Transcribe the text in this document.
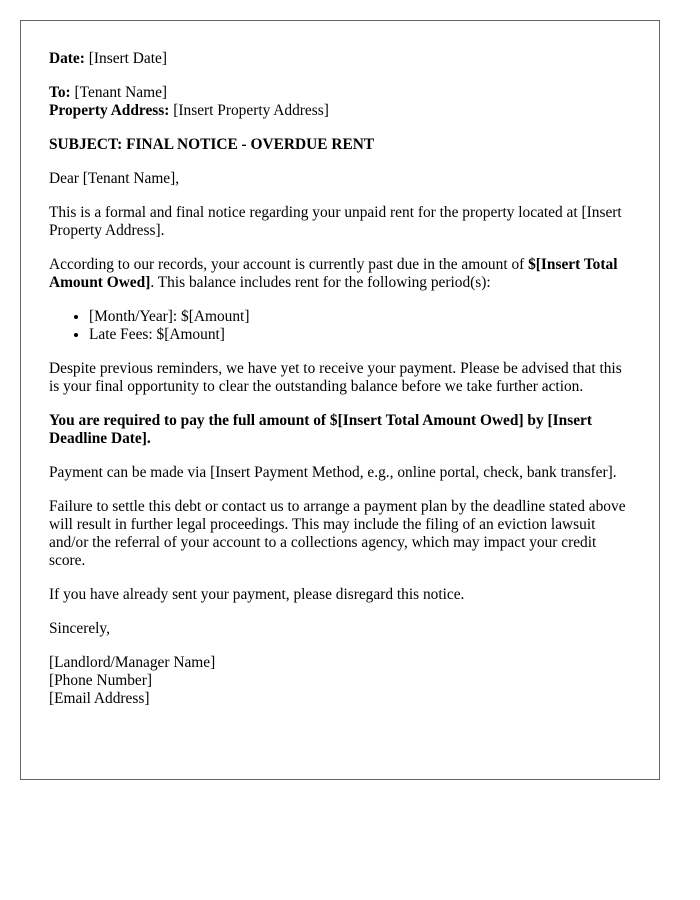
Date: [Insert Date]

To: [Tenant Name]

Property Address: [Insert Property Address]

SUBJECT: FINAL NOTICE - OVERDUE RENT

Dear [Tenant Name],

This is a formal and final notice regarding your unpaid rent for the property located at [Insert Property Address].

According to our records, your account is currently past due in the amount of $[Insert Total Amount Owed]. This balance includes rent for the following period(s):

• [Month/Year]: $[Amount]
• Late Fees: $[Amount]

Despite previous reminders, we have yet to receive your payment. Please be advised that this is your final opportunity to clear the outstanding balance before we take further action.

You are required to pay the full amount of $[Insert Total Amount Owed] by [Insert Deadline Date].

Payment can be made via [Insert Payment Method, e.g., online portal, check, bank transfer].

Failure to settle this debt or contact us to arrange a payment plan by the deadline stated above will result in further legal proceedings. This may include the filing of an eviction lawsuit and/or the referral of your account to a collections agency, which may impact your credit score.

If you have already sent your payment, please disregard this notice.

Sincerely,

[Landlord/Manager Name]

[Phone Number]

[Email Address]
